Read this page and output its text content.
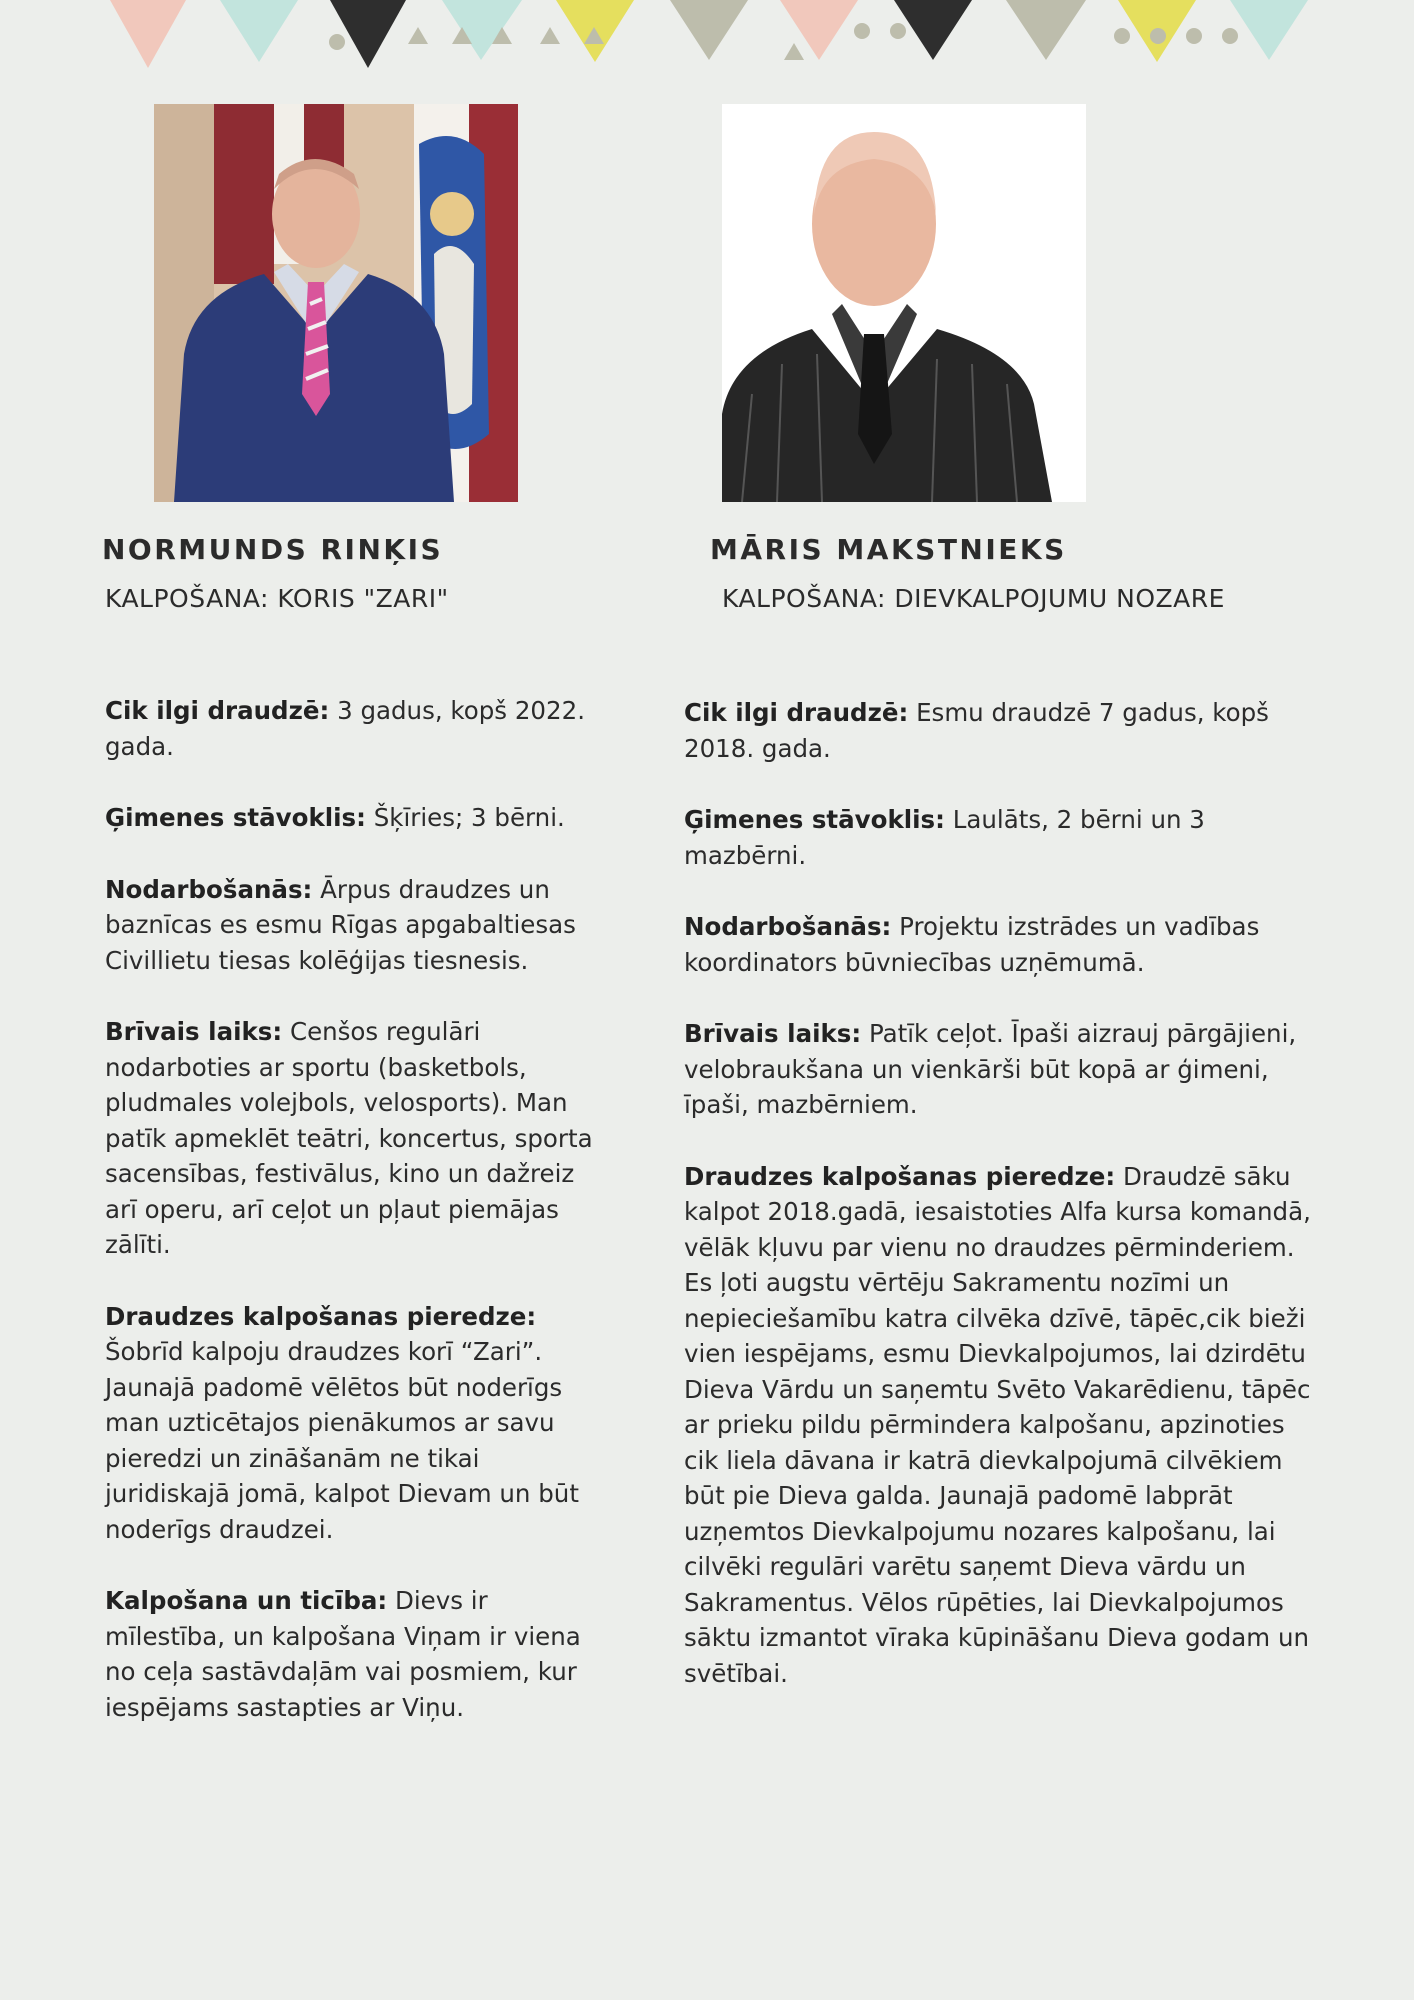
NORMUNDS RINĶIS
KALPOŠANA: KORIS "ZARI"
MĀRIS MAKSTNIEKS
KALPOŠANA: DIEVKALPOJUMU NOZARE

Cik ilgi draudzē: 3 gadus, kopš 2022. gada.

Ģimenes stāvoklis: Šķīries; 3 bērni.

Nodarbošanās: Ārpus draudzes un baznīcas es esmu Rīgas apgabaltiesas Civillietu tiesas kolēģijas tiesnesis.

Brīvais laiks: Cenšos regulāri nodarboties ar sportu (basketbols, pludmales volejbols, velosports). Man patīk apmeklēt teātri, koncertus, sporta sacensības, festivālus, kino un dažreiz arī operu, arī ceļot un pļaut piemājas zālīti.

Draudzes kalpošanas pieredze: Šobrīd kalpoju draudzes korī “Zari”. Jaunajā padomē vēlētos būt noderīgs man uzticētajos pienākumos ar savu pieredzi un zināšanām ne tikai juridiskajā jomā, kalpot Dievam un būt noderīgs draudzei.

Kalpošana un ticība: Dievs ir mīlestība, un kalpošana Viņam ir viena no ceļa sastāvdaļām vai posmiem, kur iespējams sastapties ar Viņu.

Cik ilgi draudzē: Esmu draudzē 7 gadus, kopš 2018. gada.

Ģimenes stāvoklis: Laulāts, 2 bērni un 3 mazbērni.

Nodarbošanās: Projektu izstrādes un vadības koordinators būvniecības uzņēmumā.

Brīvais laiks: Patīk ceļot. Īpaši aizrauj pārgājieni, velobraukšana un vienkārši būt kopā ar ģimeni, īpaši, mazbērniem.

Draudzes kalpošanas pieredze: Draudzē sāku kalpot 2018.gadā, iesaistoties Alfa kursa komandā, vēlāk kļuvu par vienu no draudzes pērminderiem.

Es ļoti augstu vērtēju Sakramentu nozīmi un nepieciešamību katra cilvēka dzīvē, tāpēc,cik bieži vien iespējams, esmu Dievkalpojumos, lai dzirdētu Dieva Vārdu un saņemtu Svēto Vakarēdienu, tāpēc ar prieku pildu pērmindera kalpošanu, apzinoties cik liela dāvana ir katrā dievkalpojumā cilvēkiem būt pie Dieva galda. Jaunajā padomē labprāt uzņemtos Dievkalpojumu nozares kalpošanu, lai cilvēki regulāri varētu saņemt Dieva vārdu un Sakramentus. Vēlos rūpēties, lai Dievkalpojumos sāktu izmantot vīraka kūpināšanu Dieva godam un svētībai.
